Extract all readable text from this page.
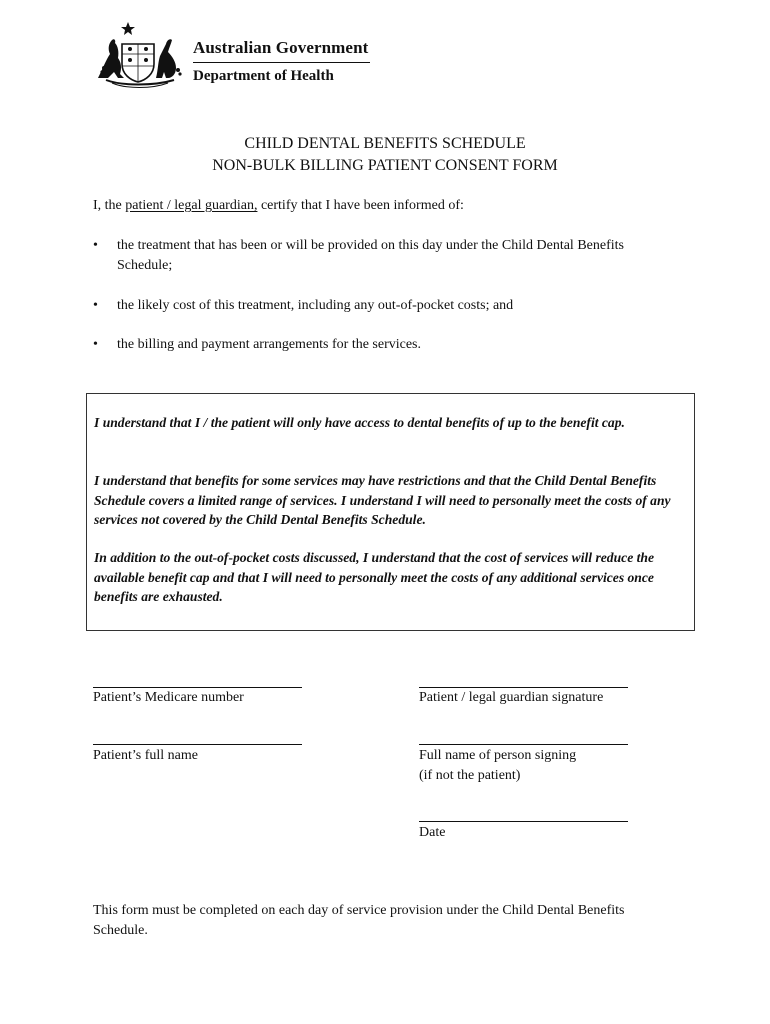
Australian Government
Department of Health
CHILD DENTAL BENEFITS SCHEDULE
NON-BULK BILLING PATIENT CONSENT FORM
I, the patient / legal guardian, certify that I have been informed of:
•	the treatment that has been or will be provided on this day under the Child Dental Benefits Schedule;
•	the likely cost of this treatment, including any out-of-pocket costs; and
•	the billing and payment arrangements for the services.
I understand that I / the patient will only have access to dental benefits of up to the benefit cap.
I understand that benefits for some services may have restrictions and that the Child Dental Benefits Schedule covers a limited range of services. I understand I will need to personally meet the costs of any services not covered by the Child Dental Benefits Schedule.
In addition to the out-of-pocket costs discussed, I understand that the cost of services will reduce the available benefit cap and that I will need to personally meet the costs of any additional services once benefits are exhausted.
Patient’s Medicare number	Patient / legal guardian signature
Patient’s full name	Full name of person signing
(if not the patient)
Date
This form must be completed on each day of service provision under the Child Dental Benefits Schedule.
